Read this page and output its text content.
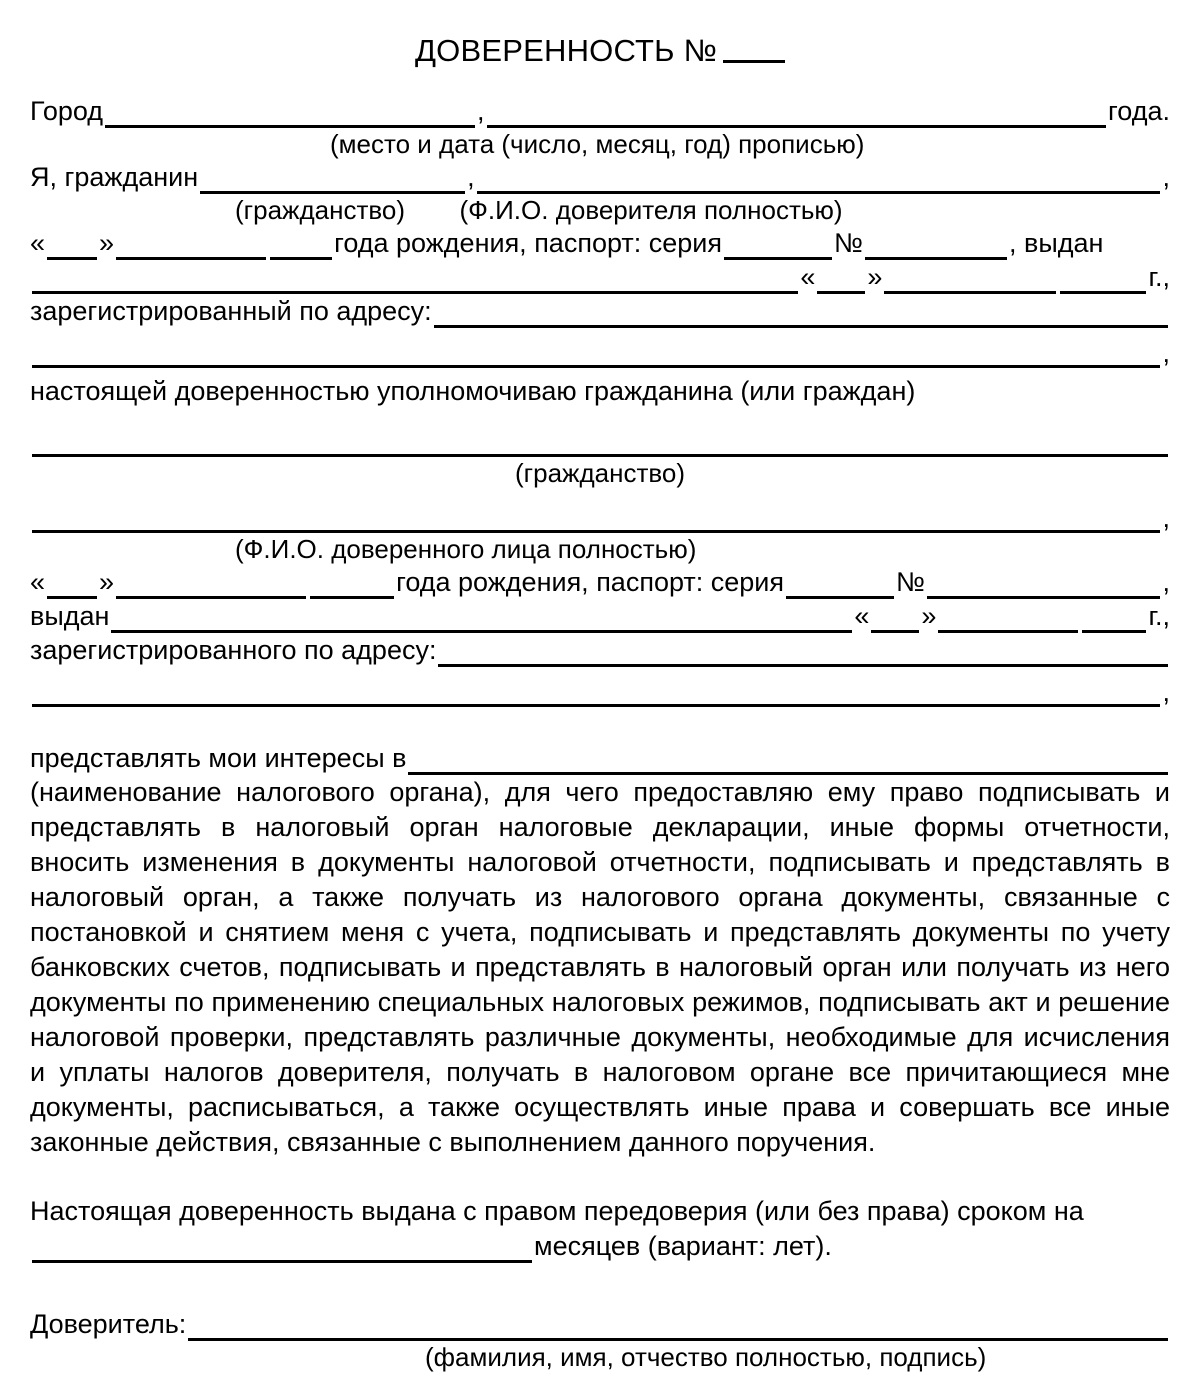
ДОВЕРЕННОСТЬ №
Город	,	года.
(место и дата (число, месяц, год) прописью)
Я, гражданин	,	,
(гражданство) (Ф.И.О. доверителя полностью)
« »	года рождения, паспорт: серия	№	, выдан
« »	г.,
зарегистрированный по адресу:
,
настоящей доверенностью уполномочиваю гражданина (или граждан)
(гражданство)
,
(Ф.И.О. доверенного лица полностью)
« »	года рождения, паспорт: серия	№	,
выдан	« »	г.,
зарегистрированного по адресу:
,
представлять мои интересы в

(наименование налогового органа), для чего предоставляю ему право подписывать и представлять в налоговый орган налоговые декларации, иные формы отчетности, вносить изменения в документы налоговой отчетности, подписывать и представлять в налоговый орган, а также получать из налогового органа документы, связанные с постановкой и снятием меня с учета, подписывать и представлять документы по учету банковских счетов, подписывать и представлять в налоговый орган или получать из него документы по применению специальных налоговых режимов, подписывать акт и решение налоговой проверки, представлять различные документы, необходимые для исчисления и уплаты налогов доверителя, получать в налоговом органе все причитающиеся мне документы, расписываться, а также осуществлять иные права и совершать все иные законные действия, связанные с выполнением данного поручения.

Настоящая доверенность выдана с правом передоверия (или без права) сроком на
месяцев (вариант: лет).
Доверитель:
(фамилия, имя, отчество полностью, подпись)
